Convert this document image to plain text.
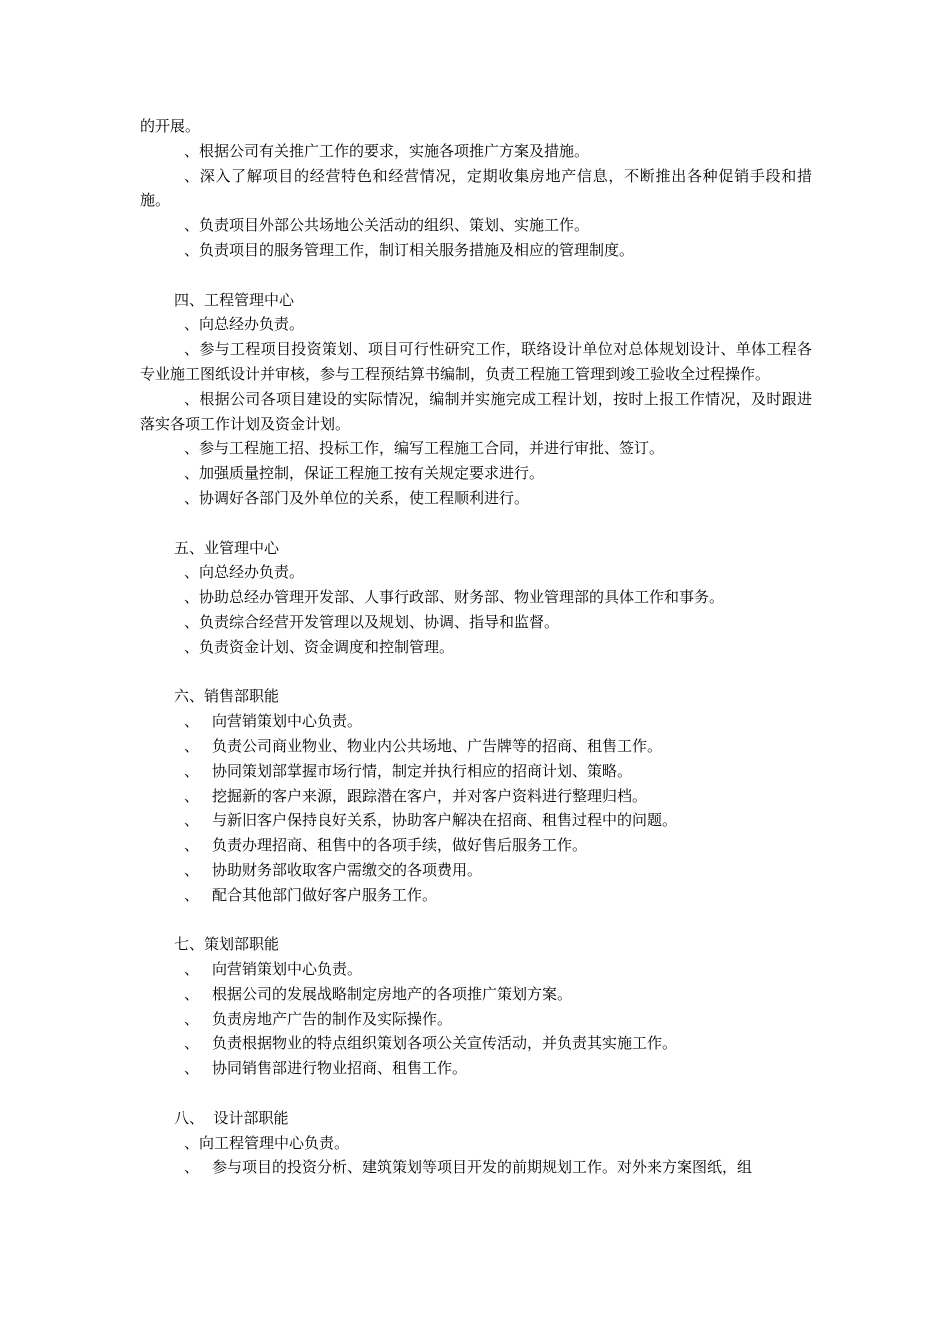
的开展。

、根据公司有关推广工作的要求，实施各项推广方案及措施。

、深入了解项目的经营特色和经营情况，定期收集房地产信息，不断推出各种促销手段和措施。

、负责项目外部公共场地公关活动的组织、策划、实施工作。

、负责项目的服务管理工作，制订相关服务措施及相应的管理制度。

四、工程管理中心

、向总经办负责。

、参与工程项目投资策划、项目可行性研究工作，联络设计单位对总体规划设计、单体工程各专业施工图纸设计并审核，参与工程预结算书编制，负责工程施工管理到竣工验收全过程操作。

、根据公司各项目建设的实际情况，编制并实施完成工程计划，按时上报工作情况，及时跟进落实各项工作计划及资金计划。

、参与工程施工招、投标工作，编写工程施工合同，并进行审批、签订。

、加强质量控制，保证工程施工按有关规定要求进行。

、协调好各部门及外单位的关系，使工程顺利进行。

五、业管理中心

、向总经办负责。

、协助总经办管理开发部、人事行政部、财务部、物业管理部的具体工作和事务。

、负责综合经营开发管理以及规划、协调、指导和监督。

、负责资金计划、资金调度和控制管理。

六、销售部职能

、 向营销策划中心负责。

、 负责公司商业物业、物业内公共场地、广告牌等的招商、租售工作。

、 协同策划部掌握市场行情，制定并执行相应的招商计划、策略。

、 挖掘新的客户来源，跟踪潜在客户，并对客户资料进行整理归档。

、 与新旧客户保持良好关系，协助客户解决在招商、租售过程中的问题。

、 负责办理招商、租售中的各项手续，做好售后服务工作。

、 协助财务部收取客户需缴交的各项费用。

、 配合其他部门做好客户服务工作。

七、策划部职能

、 向营销策划中心负责。

、 根据公司的发展战略制定房地产的各项推广策划方案。

、 负责房地产广告的制作及实际操作。

、 负责根据物业的特点组织策划各项公关宣传活动，并负责其实施工作。

、 协同销售部进行物业招商、租售工作。

八、  设计部职能

、向工程管理中心负责。

、 参与项目的投资分析、建筑策划等项目开发的前期规划工作。对外来方案图纸，组
